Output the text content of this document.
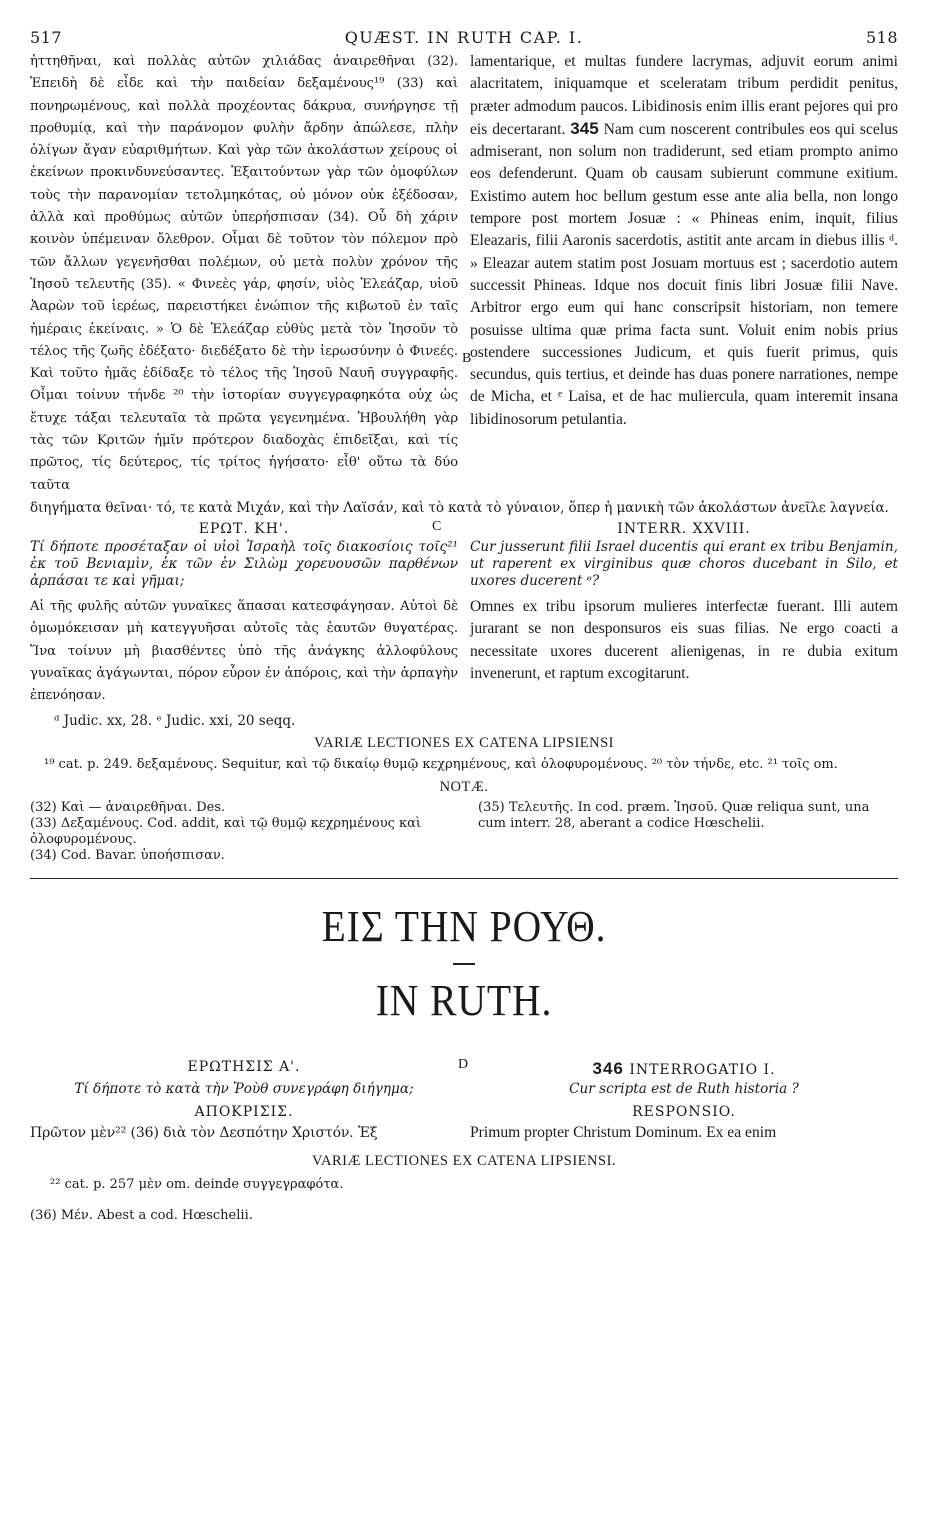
517	QUÆST. IN RUTH CAP. I.	518
ἡττηθῆναι, καὶ πολλὰς αὐτῶν χιλιάδας ἀναιρεθῆναι (32). Ἐπειδὴ δὲ εἶδε καὶ τὴν παιδείαν δεξαμένους¹⁹ (33) καὶ πονηρωμένους, καὶ πολλὰ προχέοντας δάκρυα, συνήργησε τῇ προθυμίᾳ, καὶ τὴν παράνομον φυλὴν ἄρδην ἀπώλεσε, πλὴν ὀλίγων ἄγαν εὐαριθμήτων. Καὶ γὰρ τῶν ἀκολάστων χείρους οἱ ἐκείνων προκινδυνεύσαντες. Ἐξαιτούντων γὰρ τῶν ὁμοφύλων τοὺς τὴν παρανομίαν τετολμηκότας, οὐ μόνον οὐκ ἐξέδοσαν, ἀλλὰ καὶ προθύμως αὐτῶν ὑπερήσπισαν (34). Οὗ δὴ χάριν κοινὸν ὑπέμειναν ὄλεθρον. Οἶμαι δὲ τοῦτον τὸν πόλεμον πρὸ τῶν ἄλλων γεγενῆσθαι πολέμων, οὐ μετὰ πολὺν χρόνον τῆς Ἰησοῦ τελευτῆς (35). « Φινεὲς γάρ, φησίν, υἱὸς Ἐλεάζαρ, υἱοῦ Ἀαρὼν τοῦ ἱερέως, παρειστήκει ἐνώπιον τῆς κιβωτοῦ ἐν ταῖς ἡμέραις ἐκείναις. » Ὁ δὲ Ἐλεάζαρ εὐθὺς μετὰ τὸν Ἰησοῦν τὸ τέλος τῆς ζωῆς ἐδέξατο· διεδέξατο δὲ τὴν ἱερωσύνην ὁ Φινεές. Καὶ τοῦτο ἡμᾶς ἐδίδαξε τὸ τέλος τῆς Ἰησοῦ Ναυῆ συγγραφῆς. Οἶμαι τοίνυν τήνδε ²⁰ τὴν ἱστορίαν συγγεγραφηκότα οὐχ ὡς ἔτυχε τάξαι τελευταῖα τὰ πρῶτα γεγενημένα. Ἠβουλήθη γὰρ τὰς τῶν Κριτῶν ἡμῖν πρότερον διαδοχὰς ἐπιδεῖξαι, καὶ τίς πρῶτος, τίς δεύτερος, τίς τρίτος ἡγήσατο· εἶθ' οὕτω τὰ δύο ταῦτα
lamentarique, et multas fundere lacrymas, adjuvit eorum animi alacritatem, iniquamque et sceleratam tribum perdidit penitus, præter admodum paucos. Libidinosis enim illis erant pejores qui pro eis decertarant. 345 Nam cum noscerent contribules eos qui scelus admiserant, non solum non tradiderunt, sed etiam prompto animo eos defenderunt. Quam ob causam subierunt commune exitium. Existimo autem hoc bellum gestum esse ante alia bella, non longo tempore post mortem Josuæ : « Phineas enim, inquit, filius Eleazaris, filii Aaronis sacerdotis, astitit ante arcam in diebus illis ᵈ. » Eleazar autem statim post Josuam mortuus est ; sacerdotio autem successit Phineas. Idque nos docuit finis libri Josuæ filii Nave. Arbitror ergo eum qui hanc conscripsit historiam, non temere posuisse ultima quæ prima facta sunt. Voluit enim nobis prius ostendere successiones Judicum, et quis fuerit primus, quis secundus, quis tertius, et deinde has duas ponere narrationes, nempe de Micha, et ᵉ Laisa, et de hac muliercula, quam interemit insana libidinosorum petulantia.
B
διηγήματα θεῖναι· τό, τε κατὰ Μιχάν, καὶ τὴν Λαϊσάν, καὶ τὸ κατὰ τὸ γύναιον, ὅπερ ἡ μανικὴ τῶν ἀκολάστων ἀνεῖλε λαγνεία.
C
ΕΡΩΤ. ΚΗ'.	INTERR. XXVIII.
Τί δήποτε προσέταξαν οἱ υἱοὶ Ἰσραὴλ τοῖς διακοσίοις τοῖς²¹ ἐκ τοῦ Βενιαμὶν, ἐκ τῶν ἐν Σιλὼμ χορευουσῶν παρθένων ἁρπάσαι τε καὶ γῆμαι;
Cur jusserunt filii Israel ducentis qui erant ex tribu Benjamin, ut raperent ex virginibus quæ choros ducebant in Silo, et uxores ducerent ᵉ?
Αἱ τῆς φυλῆς αὐτῶν γυναῖκες ἅπασαι κατεσφάγησαν. Αὐτοὶ δὲ ὀμωμόκεισαν μὴ κατεγγυῆσαι αὐτοῖς τὰς ἑαυτῶν θυγατέρας. Ἵνα τοίνυν μὴ βιασθέντες ὑπὸ τῆς ἀνάγκης ἀλλοφύλους γυναῖκας ἀγάγωνται, πόρον εὗρον ἐν ἀπόροις, καὶ τὴν ἁρπαγὴν ἐπενόησαν.
Omnes ex tribu ipsorum mulieres interfectæ fuerant. Illi autem jurarant se non desponsuros eis suas filias. Ne ergo coacti a necessitate uxores ducerent alienigenas, in re dubia exitum invenerunt, et raptum excogitarunt.
ᵈ Judic. xx, 28. ᵉ Judic. xxi, 20 seqq.
VARIÆ LECTIONES EX CATENA LIPSIENSI
¹⁹ cat. p. 249. δεξαμένους. Sequitur, καὶ τῷ δικαίῳ θυμῷ κεχρημένους, καὶ ὀλοφυρομένους. ²⁰ τὸν τήνδε, etc. ²¹ τοῖς om.
NOTÆ.
(32) Καὶ — ἀναιρεθῆναι. Des.
(33) Δεξαμένους. Cod. addit, καὶ τῷ θυμῷ κεχρημένους καὶ ὀλοφυρομένους.
(34) Cod. Bavar. ὑποήσπισαν.
(35) Τελευτῆς. In cod. præm. Ἰησοῦ. Quæ reliqua sunt, una cum interr. 28, aberant a codice Hœschelii.
ΕΙΣ ΤΗΝ ΡΟΥΘ.
IN RUTH.
D
ΕΡΩΤΗΣΙΣ Α'.	346 INTERROGATIO I.
Τί δήποτε τὸ κατὰ τὴν Ῥοὺθ συνεγράφη διήγημα;	Cur scripta est de Ruth historia ?
ΑΠΟΚΡΙΣΙΣ.	RESPONSIO.
Πρῶτον μὲν²² (36) διὰ τὸν Δεσπότην Χριστόν. Ἐξ	Primum propter Christum Dominum. Ex ea enim
VARIÆ LECTIONES EX CATENA LIPSIENSI.
²² cat. p. 257 μὲν om. deinde συγγεγραφότα.
(36) Μέν. Abest a cod. Hœschelii.
